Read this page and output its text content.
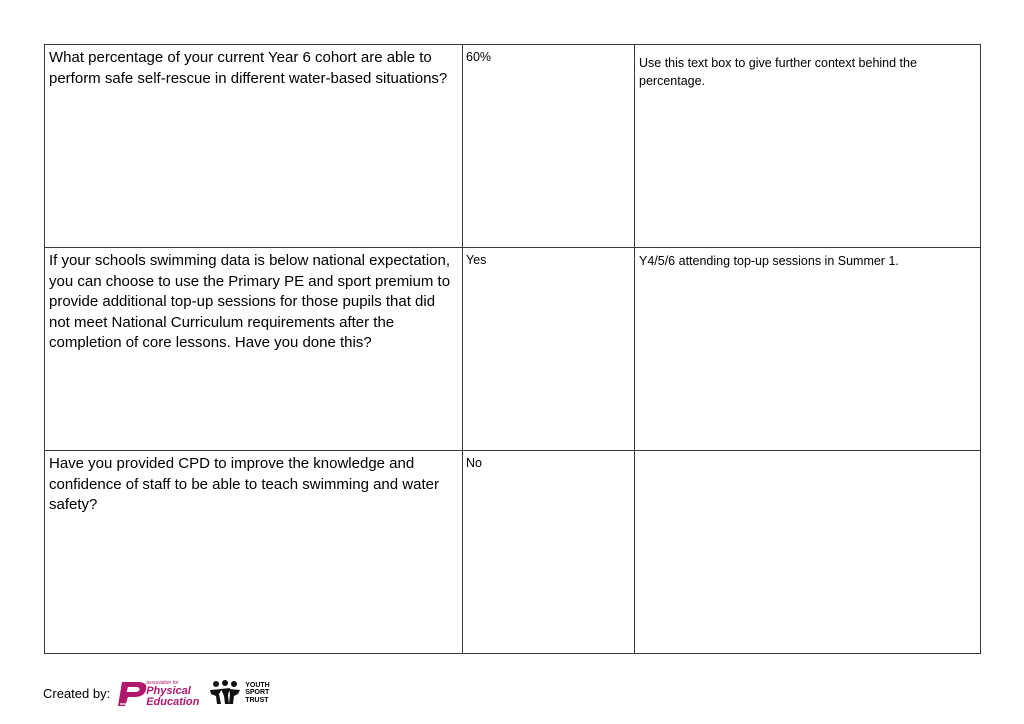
What percentage of your current Year 6 cohort are able to perform safe self-rescue in different water-based situations?	60%	Use this text box to give further context behind the percentage.

If your schools swimming data is below national expectation, you can choose to use the Primary PE and sport premium to provide additional top-up sessions for those pupils that did not meet National Curriculum requirements after the completion of core lessons. Have you done this?	Yes	Y4/5/6 attending top-up sessions in Summer 1.

Have you provided CPD to improve the knowledge and confidence of staff to be able to teach swimming and water safety?	No	

Created by:
association for
Physical
Education
YOUTH
SPORT
TRUST
